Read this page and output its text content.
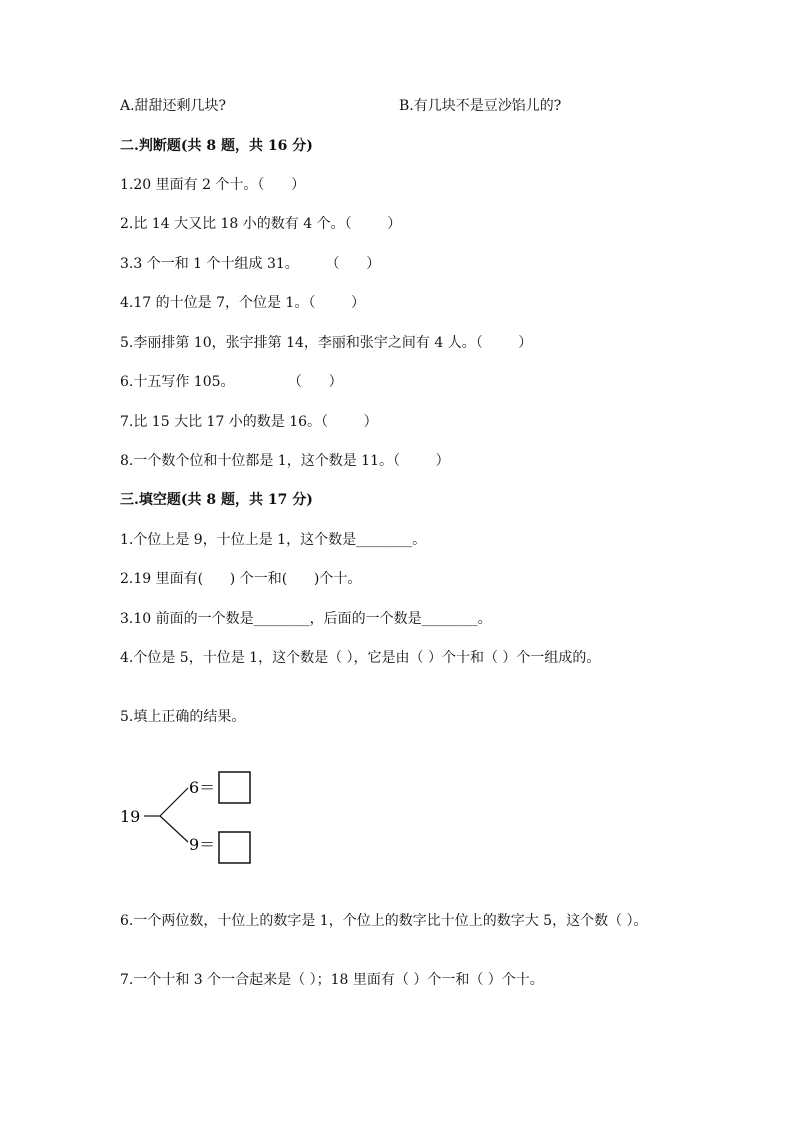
A.甜甜还剩几块?	B.有几块不是豆沙馅儿的?
二.判断题(共 8 题，共 16 分)
1.20 里面有 2 个十。（      ）
2.比 14 大又比 18 小的数有 4 个。（        ）
3.3 个一和 1 个十组成 31。      （      ）
4.17 的十位是 7，个位是 1。（        ）
5.李丽排第 10，张宇排第 14，李丽和张宇之间有 4 人。（        ）
6.十五写作 105。            （      ）
7.比 15 大比 17 小的数是 16。（        ）
8.一个数个位和十位都是 1，这个数是 11。（        ）
三.填空题(共 8 题，共 17 分)
1.个位上是 9，十位上是 1，这个数是________。
2.19 里面有(      ) 个一和(      )个十。
3.10 前面的一个数是________，后面的一个数是________。
4.个位是 5，十位是 1，这个数是（ ），它是由（ ）个十和（ ）个一组成的。
5.填上正确的结果。
19
6＝
9＝
6.一个两位数，十位上的数字是 1，个位上的数字比十位上的数字大 5，这个数（ ）。
7.一个十和 3 个一合起来是（ ）；18 里面有（ ）个一和（ ）个十。
